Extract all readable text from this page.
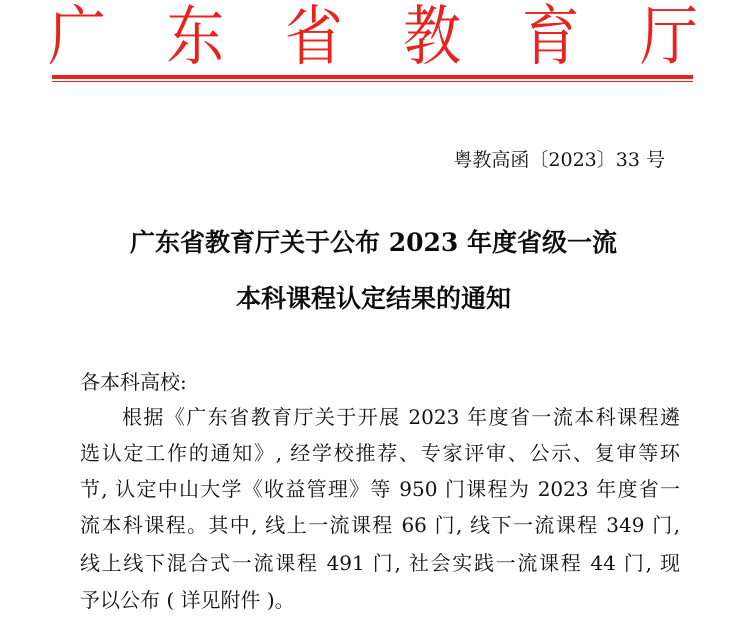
广 东 省 教 育 厅
粤教高函〔2023〕33 号
广东省教育厅关于公布 2023 年度省级一流
本科课程认定结果的通知
各本科高校:
根据《广东省教育厅关于开展 2023 年度省一流本科课程遴
选认定工作的通知》, 经学校推荐、专家评审、公示、复审等环
节, 认定中山大学《收益管理》等 950 门课程为 2023 年度省一
流本科课程。其中, 线上一流课程 66 门, 线下一流课程 349 门,
线上线下混合式一流课程 491 门, 社会实践一流课程 44 门, 现
予以公布 ( 详见附件 )。
